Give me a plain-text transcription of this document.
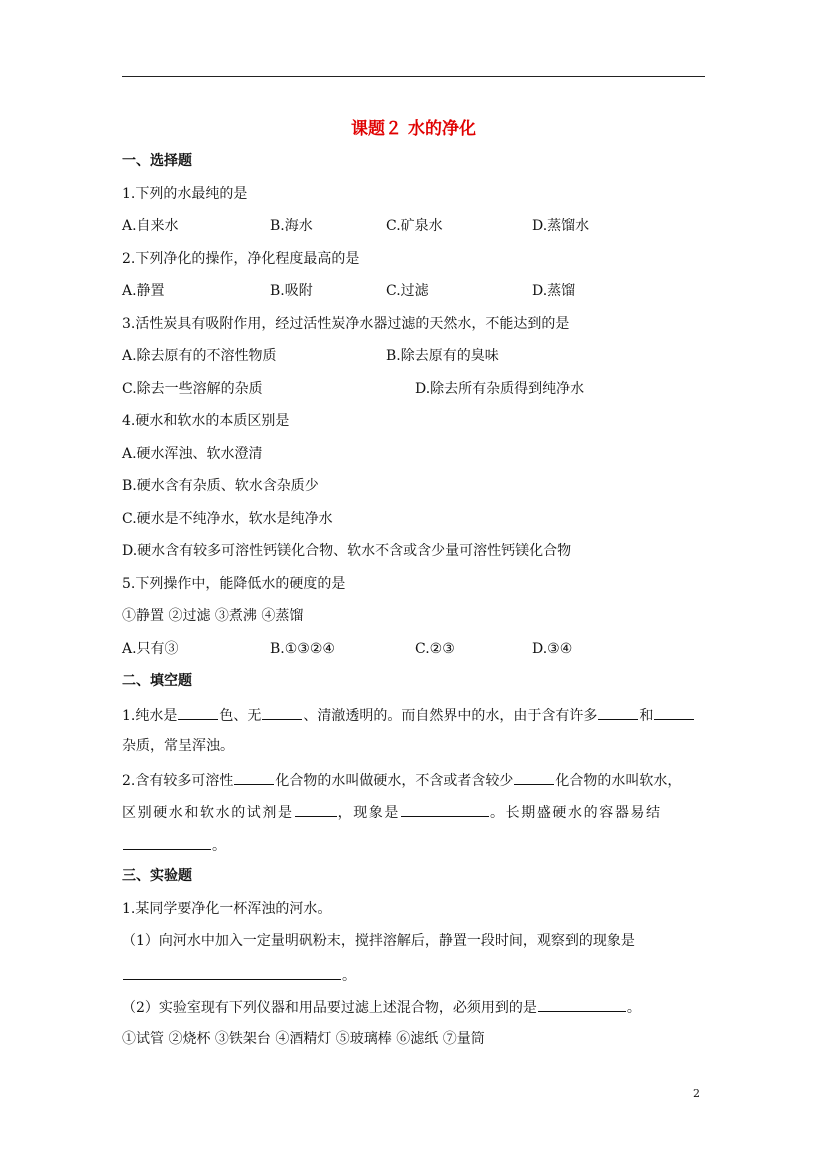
课题２ 水的净化
一、选择题
1.下列的水最纯的是
A.自来水	B.海水	C.矿泉水	D.蒸馏水
2.下列净化的操作，净化程度最高的是
A.静置	B.吸附	C.过滤	D.蒸馏
3.活性炭具有吸附作用，经过活性炭净水器过滤的天然水，不能达到的是
A.除去原有的不溶性物质	B.除去原有的臭味
C.除去一些溶解的杂质	D.除去所有杂质得到纯净水
4.硬水和软水的本质区别是
A.硬水浑浊、软水澄清
B.硬水含有杂质、软水含杂质少
C.硬水是不纯净水，软水是纯净水
D.硬水含有较多可溶性钙镁化合物、软水不含或含少量可溶性钙镁化合物
5.下列操作中，能降低水的硬度的是
①静置 ②过滤 ③煮沸 ④蒸馏
A.只有③	B.①③②④	C.②③	D.③④
二、填空题
1.纯水是	色、无	、清澈透明的。而自然界中的水，由于含有许多	和
杂质，常呈浑浊。
2.含有较多可溶性	化合物的水叫做硬水，不含或者含较少	化合物的水叫软水，
区别硬水和软水的试剂是	，现象是	。长期盛硬水的容器易结
。
三、实验题
1.某同学要净化一杯浑浊的河水。
（1）向河水中加入一定量明矾粉末，搅拌溶解后，静置一段时间，观察到的现象是
。
（2）实验室现有下列仪器和用品要过滤上述混合物，必须用到的是	。
①试管 ②烧杯 ③铁架台 ④酒精灯 ⑤玻璃棒 ⑥滤纸 ⑦量筒
2
